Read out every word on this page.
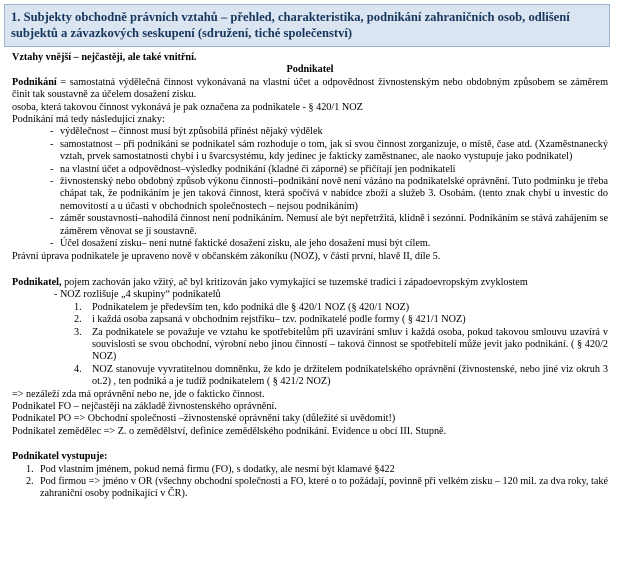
1. Subjekty obchodně právních vztahů – přehled, charakteristika, podnikání zahraničních osob, odlišení subjektů a závazkových seskupení (sdružení, tiché společenství)

Vztahy vnější – nejčastěji, ale také vnitřní.

Podnikatel

Podnikání = samostatná výdělečná činnost vykonávaná na vlastní účet a odpovědnost živnostenským nebo obdobným způsobem se záměrem činit tak soustavně za účelem dosažení zisku.

osoba, která takovou činnost vykonává je pak označena za podnikatele - § 420/1 NOZ

Podnikání má tedy následující znaky:

- výdělečnost – činnost musí být způsobilá přinést nějaký výdělek
- samostatnost – při podnikání se podnikatel sám rozhoduje o tom, jak si svou činnost zorganizuje, o místě, čase atd. (Xzaměstnanecký vztah, prvek samostatnosti chybí i u švarcsystému, kdy jedinec je fakticky zaměstnanec, ale naoko vystupuje jako podnikatel)
- na vlastní účet a odpovědnost–výsledky podnikání (kladné či záporné) se přičítají jen podnikateli
- živnostenský nebo obdobný způsob výkonu činnosti–podnikání nově není vázáno na podnikatelské oprávnění. Tuto podmínku je třeba chápat tak, že podnikáním je jen taková činnost, která spočívá v nabídce zboží a služeb 3. Osobám. (tento znak chybí u investic do nemovitostí a u účasti v obchodních společnostech – nejsou podnikáním)
- záměr soustavnosti–nahodilá činnost není podnikáním. Nemusí ale být nepřetržitá, klidně i sezónní. Podnikáním se stává zahájením se záměrem věnovat se jí soustavně.
- Účel dosažení zisku– není nutné faktické dosažení zisku, ale jeho dosažení musí být cílem.

Právní úprava podnikatele je upraveno nově v občanském zákoníku (NOZ), v části první, hlavě II, díle 5.

Podnikatel, pojem zachován jako vžitý, ač byl kritizován jako vymykající se tuzemské tradici i západoevropským zvyklostem

- NOZ rozlišuje „4 skupiny“ podnikatelů

1. Podnikatelem je především ten, kdo podniká dle § 420/1 NOZ (§ 420/1 NOZ)
2. i každá osoba zapsaná v obchodním rejstříku– tzv. podnikatelé podle formy ( § 421/1 NOZ)
3. Za podnikatele se považuje ve vztahu ke spotřebitelům při uzavírání smluv i každá osoba, pokud takovou smlouvu uzavírá v souvislosti se svou obchodní, výrobní nebo jinou činností – taková činnost se spotřebitelí může jevit jako podnikání. ( § 420/2 NOZ)
4. NOZ stanovuje vyvratitelnou domněnku, že kdo je držitelem podnikatelského oprávnění (živnostenské, nebo jiné viz okruh 3 ot.2) , ten podniká a je tudíž podnikatelem ( § 421/2 NOZ)

=> nezáleží zda má oprávnění nebo ne, jde o fakticko činnost.

Podnikatel FO – nejčastěji na základě živnostenského oprávnění.

Podnikatel PO => Obchodní společnosti –živnostenské oprávnění taky (důležité si uvědomit!)

Podnikatel zemědělec => Z. o zemědělství, definice zemědělského podnikání. Evidence u obcí III. Stupně.

Podnikatel vystupuje:

1. Pod vlastním jménem, pokud nemá firmu (FO), s dodatky, ale nesmí být klamavé §422
2. Pod firmou => jméno v OR (všechny obchodní společnosti a FO, které o to požádají, povinně při velkém zisku – 120 mil. za dva roky, také zahraniční osoby podnikající v ČR).
